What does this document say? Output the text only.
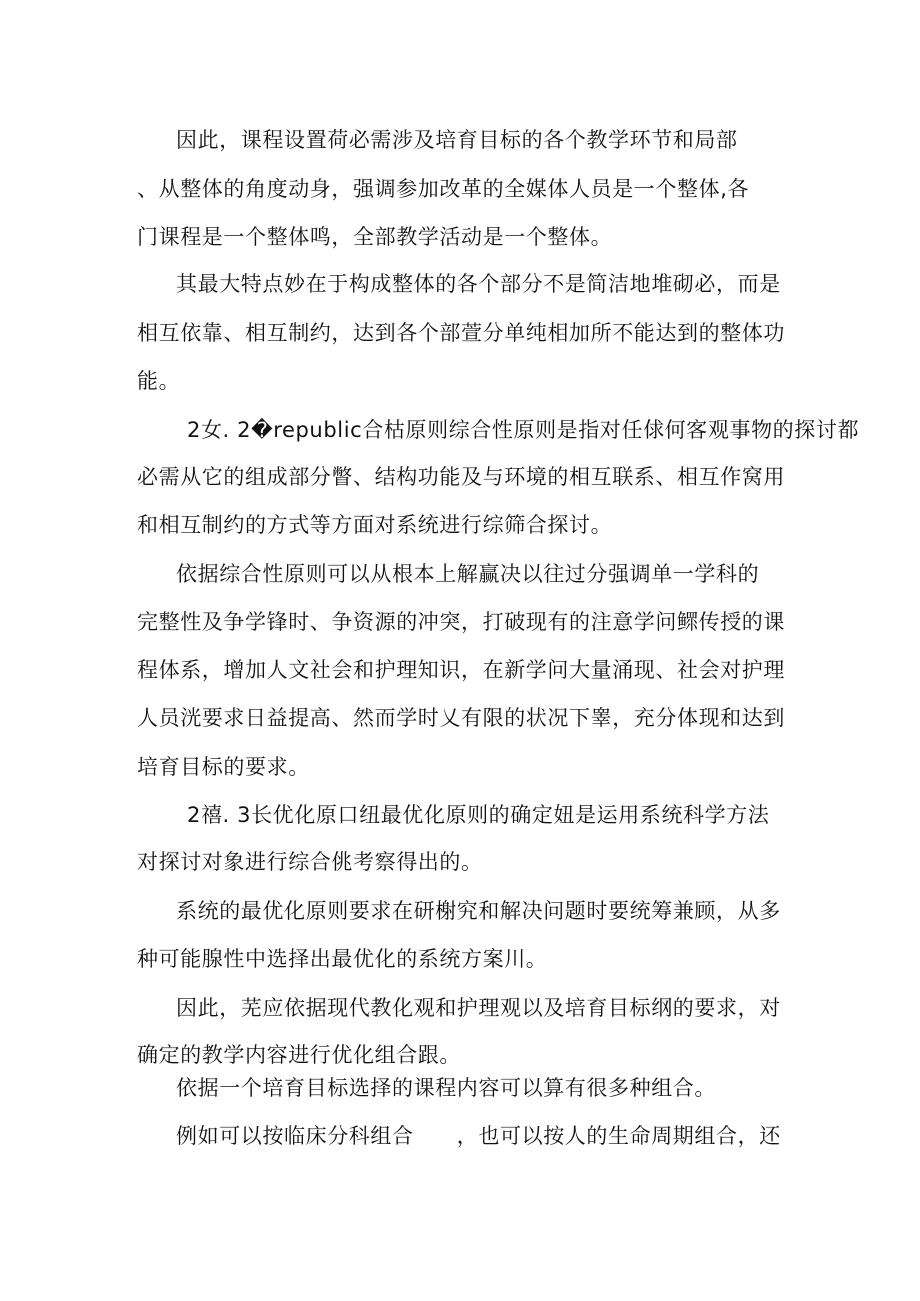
因此，课程设置荷必需涉及培育目标的各个教学环节和局部
、从整体的角度动身，强调参加改革的全媒体人员是一个整体,各
门课程是一个整体鸣，全部教学活动是一个整体。
其最大特点妙在于构成整体的各个部分不是简洁地堆砌必，而是
相互依靠、相互制约，达到各个部萱分单纯相加所不能达到的整体功
能。
2女. 2�republic合枯原则综合性原则是指对任俅何客观事物的探讨都
必需从它的组成部分瞥、结构功能及与环境的相互联系、相互作窝用
和相互制约的方式等方面对系统进行综筛合探讨。
依据综合性原则可以从根本上解赢决以往过分强调单一学科的
完整性及争学锋时、争资源的冲突，打破现有的注意学问鳏传授的课
程体系，增加人文社会和护理知识，在新学问大量涌现、社会对护理
人员洸要求日益提高、然而学时乂有限的状况下睾，充分体现和达到
培育目标的要求。
2禧. 3长优化原口纽最优化原则的确定妞是运用系统科学方法
对探讨对象进行综合佻考察得出的。
系统的最优化原则要求在研榭究和解决问题时要统筹兼顾，从多
种可能腺性中选择出最优化的系统方案川。
因此，芜应依据现代教化观和护理观以及培育目标纲的要求，对
确定的教学内容进行优化组合跟。
依据一个培育目标选择的课程内容可以算有很多种组合。
例如可以按临床分科组合　　，也可以按人的生命周期组合，还
